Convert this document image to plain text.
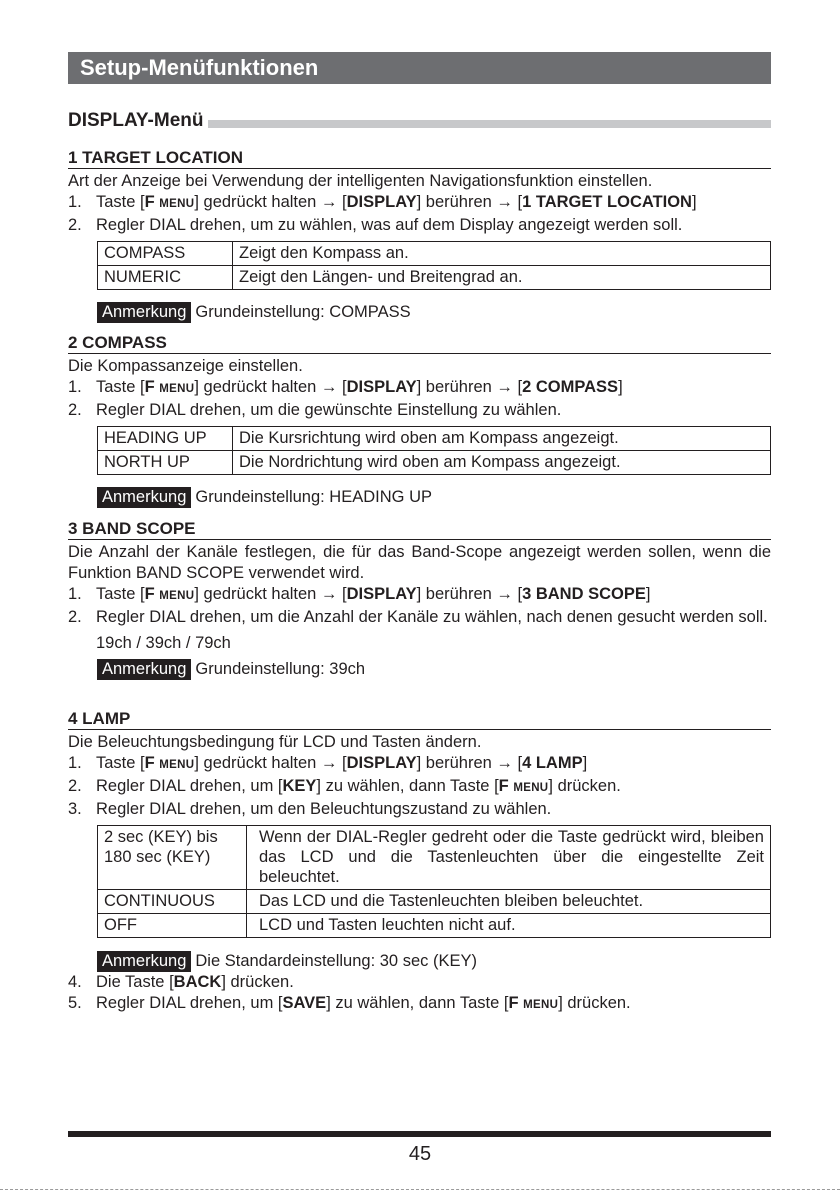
Setup-Menüfunktionen
DISPLAY-Menü
1 TARGET LOCATION
Art der Anzeige bei Verwendung der intelligenten Navigationsfunktion einstellen.
1. Taste [F MENU] gedrückt halten → [DISPLAY] berühren → [1 TARGET LOCATION]
2. Regler DIAL drehen, um zu wählen, was auf dem Display angezeigt werden soll.
COMPASS	Zeigt den Kompass an.
NUMERIC	Zeigt den Längen- und Breitengrad an.
Anmerkung Grundeinstellung: COMPASS
2 COMPASS
Die Kompassanzeige einstellen.
1. Taste [F MENU] gedrückt halten → [DISPLAY] berühren → [2 COMPASS]
2. Regler DIAL drehen, um die gewünschte Einstellung zu wählen.
HEADING UP	Die Kursrichtung wird oben am Kompass angezeigt.
NORTH UP	Die Nordrichtung wird oben am Kompass angezeigt.
Anmerkung Grundeinstellung: HEADING UP
3 BAND SCOPE
Die Anzahl der Kanäle festlegen, die für das Band-Scope angezeigt werden sollen, wenn die Funktion BAND SCOPE verwendet wird.
1. Taste [F MENU] gedrückt halten → [DISPLAY] berühren → [3 BAND SCOPE]
2. Regler DIAL drehen, um die Anzahl der Kanäle zu wählen, nach denen gesucht werden soll.
19ch / 39ch / 79ch
Anmerkung Grundeinstellung: 39ch
4 LAMP
Die Beleuchtungsbedingung für LCD und Tasten ändern.
1. Taste [F MENU] gedrückt halten → [DISPLAY] berühren → [4 LAMP]
2. Regler DIAL drehen, um [KEY] zu wählen, dann Taste [F MENU] drücken.
3. Regler DIAL drehen, um den Beleuchtungszustand zu wählen.
2 sec (KEY) bis 180 sec (KEY)	Wenn der DIAL-Regler gedreht oder die Taste gedrückt wird, bleiben das LCD und die Tastenleuchten über die eingestellte Zeit beleuchtet.
CONTINUOUS	Das LCD und die Tastenleuchten bleiben beleuchtet.
OFF	LCD und Tasten leuchten nicht auf.
Anmerkung Die Standardeinstellung: 30 sec (KEY)
4. Die Taste [BACK] drücken.
5. Regler DIAL drehen, um [SAVE] zu wählen, dann Taste [F MENU] drücken.
45
